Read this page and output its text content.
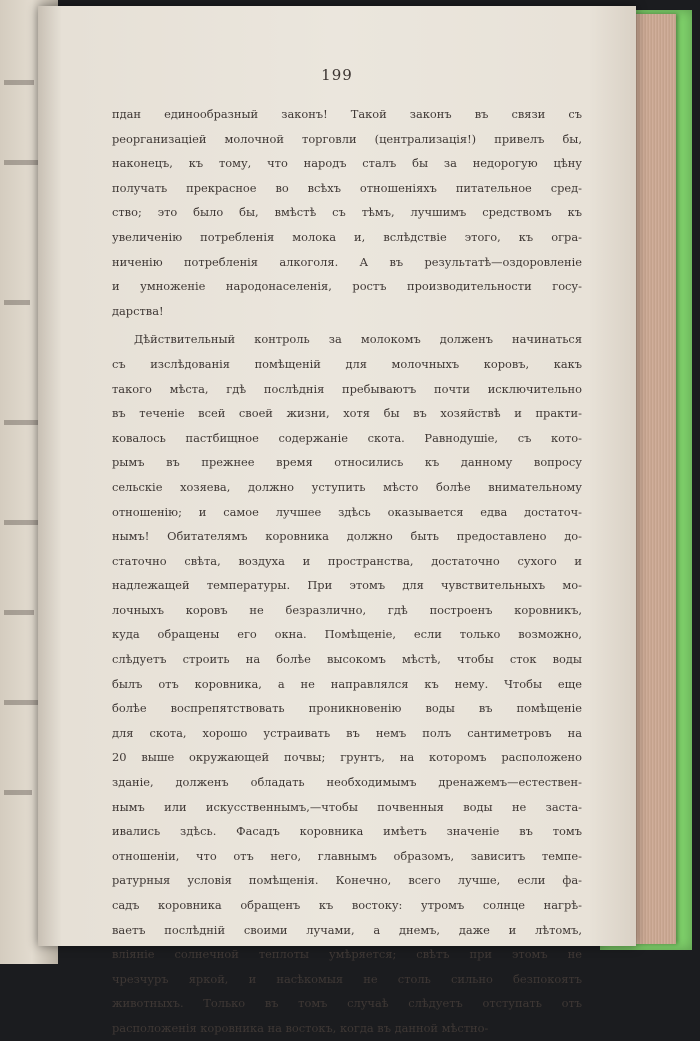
199
пдан единообразный законъ! Такой законъ въ связи съ
реорганизаціей молочной торговли (централизація!) привелъ бы,
наконецъ, къ тому, что народъ сталъ бы за недорогую цѣну
получать прекрасное во всѣхъ отношеніяхъ питательное сред-
ство; это было бы, вмѣстѣ съ тѣмъ, лучшимъ средствомъ къ
увеличенію потребленія молока и, вслѣдствіе этого, къ огра-
ниченію потребленія алкоголя. А въ результатѣ—оздоровленіе
и умноженіе народонаселенія, ростъ производительности госу-
дарства!
Дѣйствительный контроль за молокомъ долженъ начинаться
съ изслѣдованія помѣщеній для молочныхъ коровъ, какъ
такого мѣста, гдѣ послѣднія пребываютъ почти исключительно
въ теченіе всей своей жизни, хотя бы въ хозяйствѣ и практи-
ковалось пастбищное содержаніе скота. Равнодушіе, съ кото-
рымъ въ прежнее время относились къ данному вопросу
сельскіе хозяева, должно уступить мѣсто болѣе внимательному
отношенію; и самое лучшее здѣсь оказывается едва достаточ-
нымъ! Обитателямъ коровника должно быть предоставлено до-
статочно свѣта, воздуха и пространства, достаточно сухого и
надлежащей температуры. При этомъ для чувствительныхъ мо-
лочныхъ коровъ не безразлично, гдѣ построенъ коровникъ,
куда обращены его окна. Помѣщеніе, если только возможно,
слѣдуетъ строить на болѣе высокомъ мѣстѣ, чтобы сток воды
былъ отъ коровника, а не направлялся къ нему. Чтобы еще
болѣе воспрепятствовать проникновенію воды въ помѣщеніе
для скота, хорошо устраивать въ немъ полъ сантиметровъ на
20 выше окружающей почвы; грунтъ, на которомъ расположено
зданіе, долженъ обладать необходимымъ дренажемъ—естествен-
нымъ или искусственнымъ,—чтобы почвенныя воды не заста-
ивались здѣсь. Фасадъ коровника имѣетъ значеніе въ томъ
отношеніи, что отъ него, главнымъ образомъ, зависитъ темпе-
ратурныя условія помѣщенія. Конечно, всего лучше, если фа-
садъ коровника обращенъ къ востоку: утромъ солнце нагрѣ-
ваетъ послѣдній своими лучами, а днемъ, даже и лѣтомъ,
вліяніе солнечной теплоты умѣряется; свѣтъ при этомъ не
чрезчуръ яркой, и насѣкомыя не столь сильно безпокоятъ
животныхъ. Только въ томъ случаѣ слѣдуетъ отступать отъ
расположенія коровника на востокъ, когда въ данной мѣстно-
